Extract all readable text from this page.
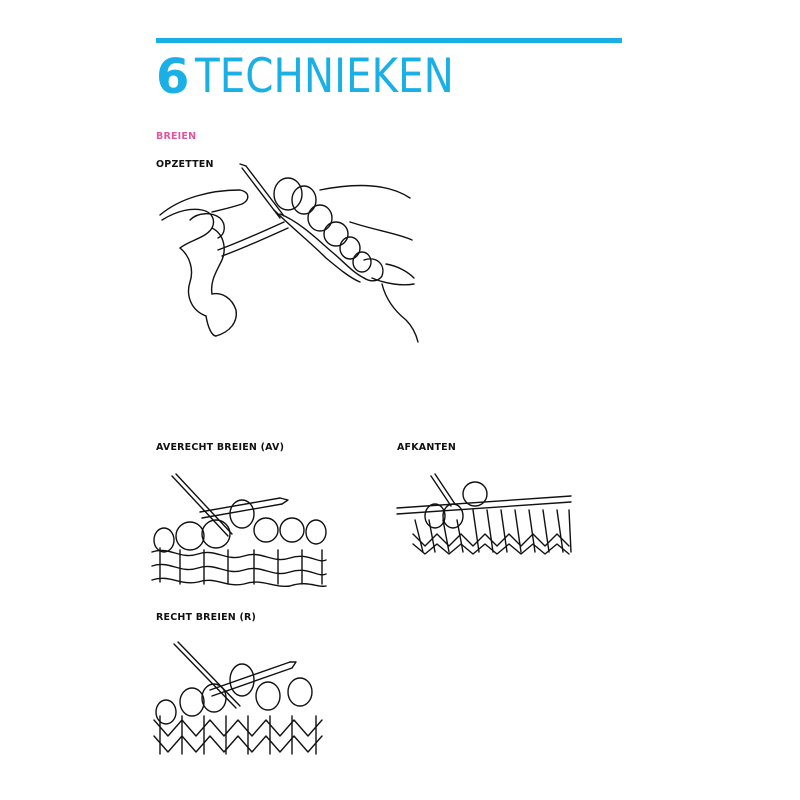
6 TECHNIEKEN
BREIEN
OPZETTEN
AVERECHT BREIEN (AV)	AFKANTEN
RECHT BREIEN (R)
